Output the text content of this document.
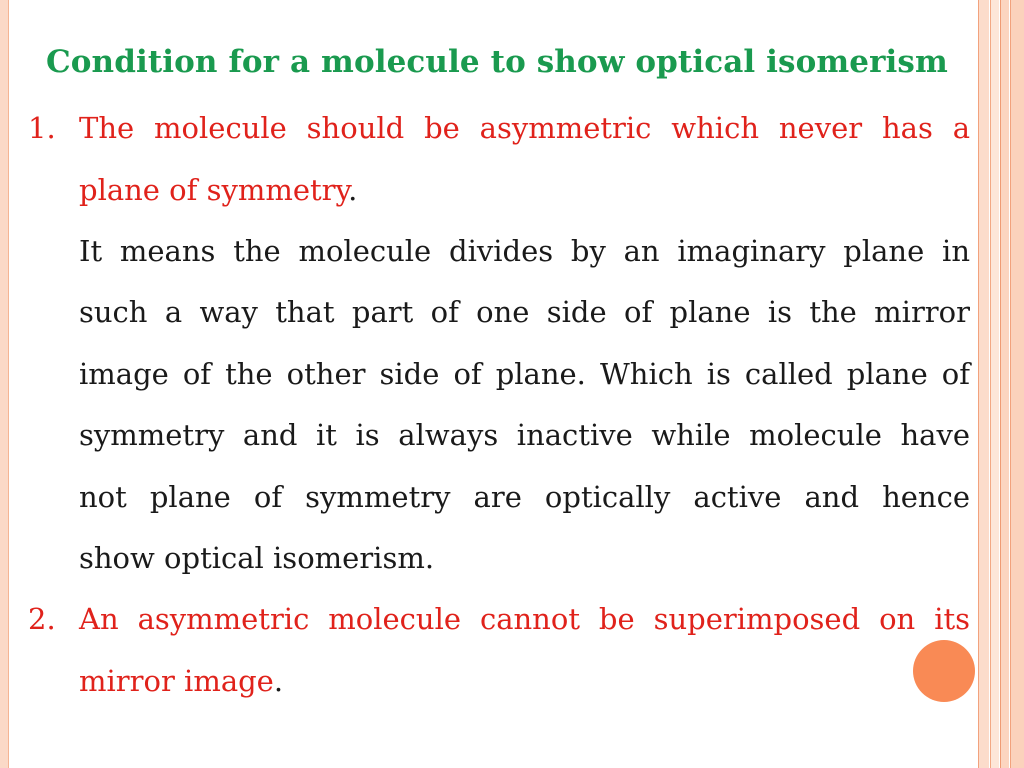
Condition for a molecule to show optical isomerism
1. The molecule should be asymmetric which never has a
plane of symmetry.
It means the molecule divides by an imaginary plane in
such a way that part of one side of plane is the mirror
image of the other side of plane. Which is called plane of
symmetry and it is always inactive while molecule have
not plane of symmetry are optically active and hence
show optical isomerism.
2. An asymmetric molecule cannot be superimposed on its
mirror image.
